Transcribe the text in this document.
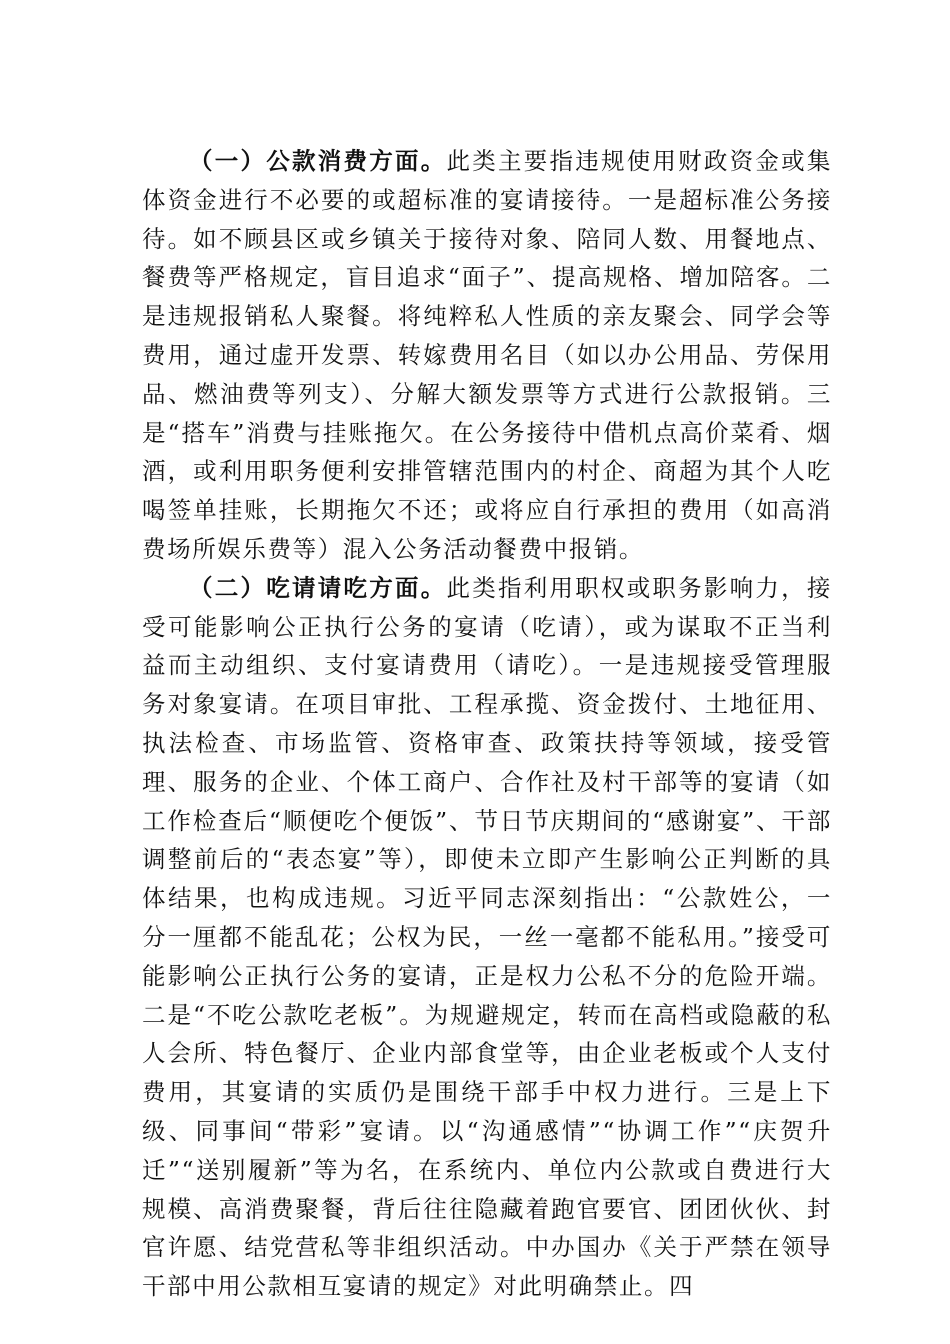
（一）公款消费方面。此类主要指违规使用财政资金或集体资金进行不必要的或超标准的宴请接待。一是超标准公务接待。如不顾县区或乡镇关于接待对象、陪同人数、用餐地点、餐费等严格规定，盲目追求“面子”、提高规格、增加陪客。二是违规报销私人聚餐。将纯粹私人性质的亲友聚会、同学会等费用，通过虚开发票、转嫁费用名目（如以办公用品、劳保用品、燃油费等列支）、分解大额发票等方式进行公款报销。三是“搭车”消费与挂账拖欠。在公务接待中借机点高价菜肴、烟酒，或利用职务便利安排管辖范围内的村企、商超为其个人吃喝签单挂账，长期拖欠不还；或将应自行承担的费用（如高消费场所娱乐费等）混入公务活动餐费中报销。

（二）吃请请吃方面。此类指利用职权或职务影响力，接受可能影响公正执行公务的宴请（吃请），或为谋取不正当利益而主动组织、支付宴请费用（请吃）。一是违规接受管理服务对象宴请。在项目审批、工程承揽、资金拨付、土地征用、执法检查、市场监管、资格审查、政策扶持等领域，接受管理、服务的企业、个体工商户、合作社及村干部等的宴请（如工作检查后“顺便吃个便饭”、节日节庆期间的“感谢宴”、干部调整前后的“表态宴”等），即使未立即产生影响公正判断的具体结果，也构成违规。习近平同志深刻指出：“公款姓公，一分一厘都不能乱花；公权为民，一丝一毫都不能私用。”接受可能影响公正执行公务的宴请，正是权力公私不分的危险开端。二是“不吃公款吃老板”。为规避规定，转而在高档或隐蔽的私人会所、特色餐厅、企业内部食堂等，由企业老板或个人支付费用，其宴请的实质仍是围绕干部手中权力进行。三是上下级、同事间“带彩”宴请。以“沟通感情”“协调工作”“庆贺升迁”“送别履新”等为名，在系统内、单位内公款或自费进行大规模、高消费聚餐，背后往往隐藏着跑官要官、团团伙伙、封官许愿、结党营私等非组织活动。中办国办《关于严禁在领导干部中用公款相互宴请的规定》对此明确禁止。四
